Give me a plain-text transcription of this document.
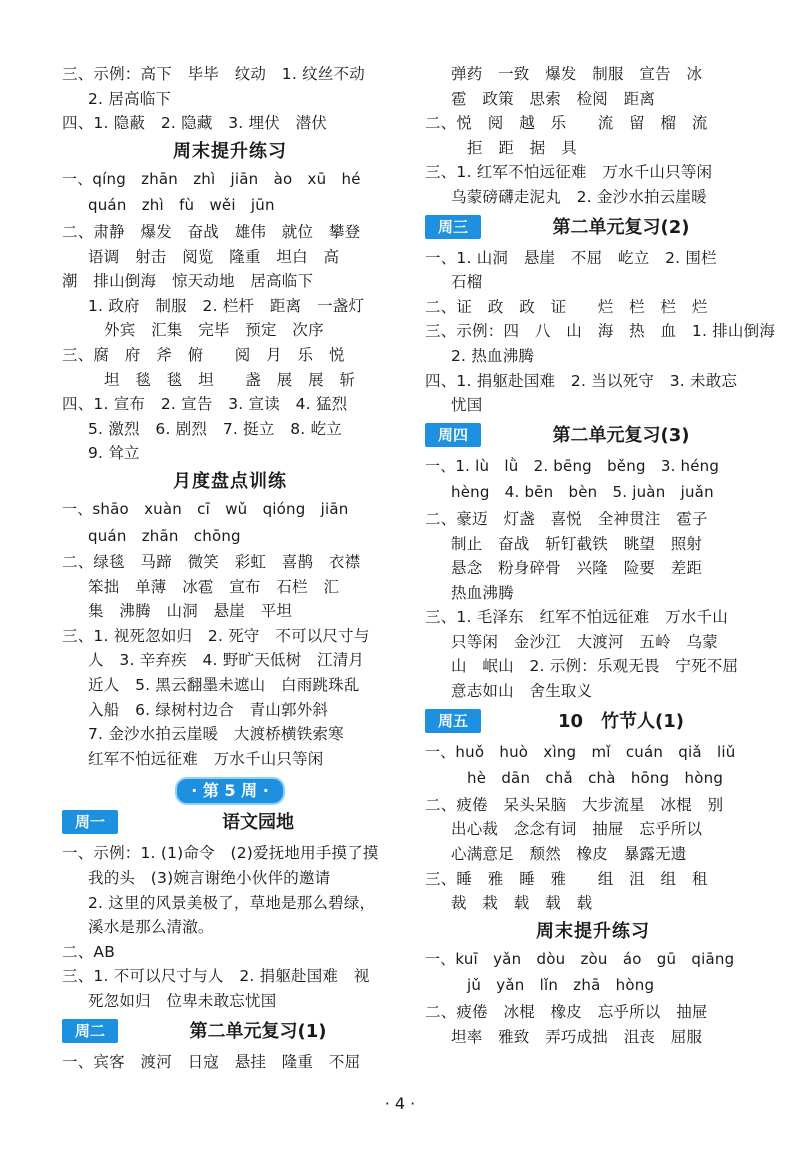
三、示例：高下　毕毕　纹动　1. 纹丝不动
2. 居高临下
四、1. 隐蔽　2. 隐藏　3. 埋伏　潜伏
周末提升练习
一、qíng　zhān　zhì　jiān　ào　xū　hé
quán　zhì　fù　wěi　jūn
二、肃静　爆发　奋战　雄伟　就位　攀登
语调　射击　阅览　隆重　坦白　高
潮　排山倒海　惊天动地　居高临下
1. 政府　制服　2. 栏杆　距离　一盏灯
外宾　汇集　完毕　预定　次序
三、腐　府　斧　俯　　阅　月　乐　悦
坦　毯　毯　坦　　盏　展　展　斩
四、1. 宣布　2. 宣告　3. 宣读　4. 猛烈
5. 激烈　6. 剧烈　7. 挺立　8. 屹立
9. 耸立
月度盘点训练
一、shāo　xuàn　cī　wǔ　qióng　jiān
quán　zhān　chōng
二、绿毯　马蹄　微笑　彩虹　喜鹊　衣襟
笨拙　单薄　冰雹　宣布　石栏　汇
集　沸腾　山洞　悬崖　平坦
三、1. 视死忽如归　2. 死守　不可以尺寸与
人　3. 辛弃疾　4. 野旷天低树　江清月
近人　5. 黑云翻墨未遮山　白雨跳珠乱
入船　6. 绿树村边合　青山郭外斜
7. 金沙水拍云崖暖　大渡桥横铁索寒
红军不怕远征难　万水千山只等闲
· 第 5 周 ·
周一	语文园地
一、示例：1. (1)命令　(2)爱抚地用手摸了摸
我的头　(3)婉言谢绝小伙伴的邀请
2. 这里的风景美极了，草地是那么碧绿，
溪水是那么清澈。
二、AB
三、1. 不可以尺寸与人　2. 捐躯赴国难　视
死忽如归　位卑未敢忘忧国
周二	第二单元复习(1)
一、宾客　渡河　日寇　悬挂　隆重　不屈
弹药　一致　爆发　制服　宣告　冰
雹　政策　思索　检阅　距离
二、悦　阅　越　乐　　流　留　榴　流
拒　距　据　具
三、1. 红军不怕远征难　万水千山只等闲
乌蒙磅礴走泥丸　2. 金沙水拍云崖暖
周三	第二单元复习(2)
一、1. 山洞　悬崖　不屈　屹立　2. 围栏
石榴
二、证　政　政　证　　烂　栏　栏　烂
三、示例：四　八　山　海　热　血　1. 排山倒海
2. 热血沸腾
四、1. 捐躯赴国难　2. 当以死守　3. 未敢忘
忧国
周四	第二单元复习(3)
一、1. lù　lǜ　2. bēng　běng　3. héng
hèng　4. bēn　bèn　5. juàn　juǎn
二、豪迈　灯盏　喜悦　全神贯注　雹子
制止　奋战　斩钉截铁　眺望　照射
悬念　粉身碎骨　兴隆　险要　差距
热血沸腾
三、1. 毛泽东　红军不怕远征难　万水千山
只等闲　金沙江　大渡河　五岭　乌蒙
山　岷山　2. 示例：乐观无畏　宁死不屈
意志如山　舍生取义
周五	10　竹节人(1)
一、huǒ　huò　xìng　mǐ　cuán　qiǎ　liǔ
hè　dān　chǎ　chà　hōng　hòng
二、疲倦　呆头呆脑　大步流星　冰棍　别
出心裁　念念有词　抽屉　忘乎所以
心满意足　颓然　橡皮　暴露无遗
三、睡　雅　睡　雅　　组　沮　组　租
裁　栽　载　载　载
周末提升练习
一、kuī　yǎn　dòu　zòu　áo　gū　qiāng
jǔ　yǎn　lǐn　zhā　hòng
二、疲倦　冰棍　橡皮　忘乎所以　抽屉
坦率　雅致　弄巧成拙　沮丧　屈服
· 4 ·
